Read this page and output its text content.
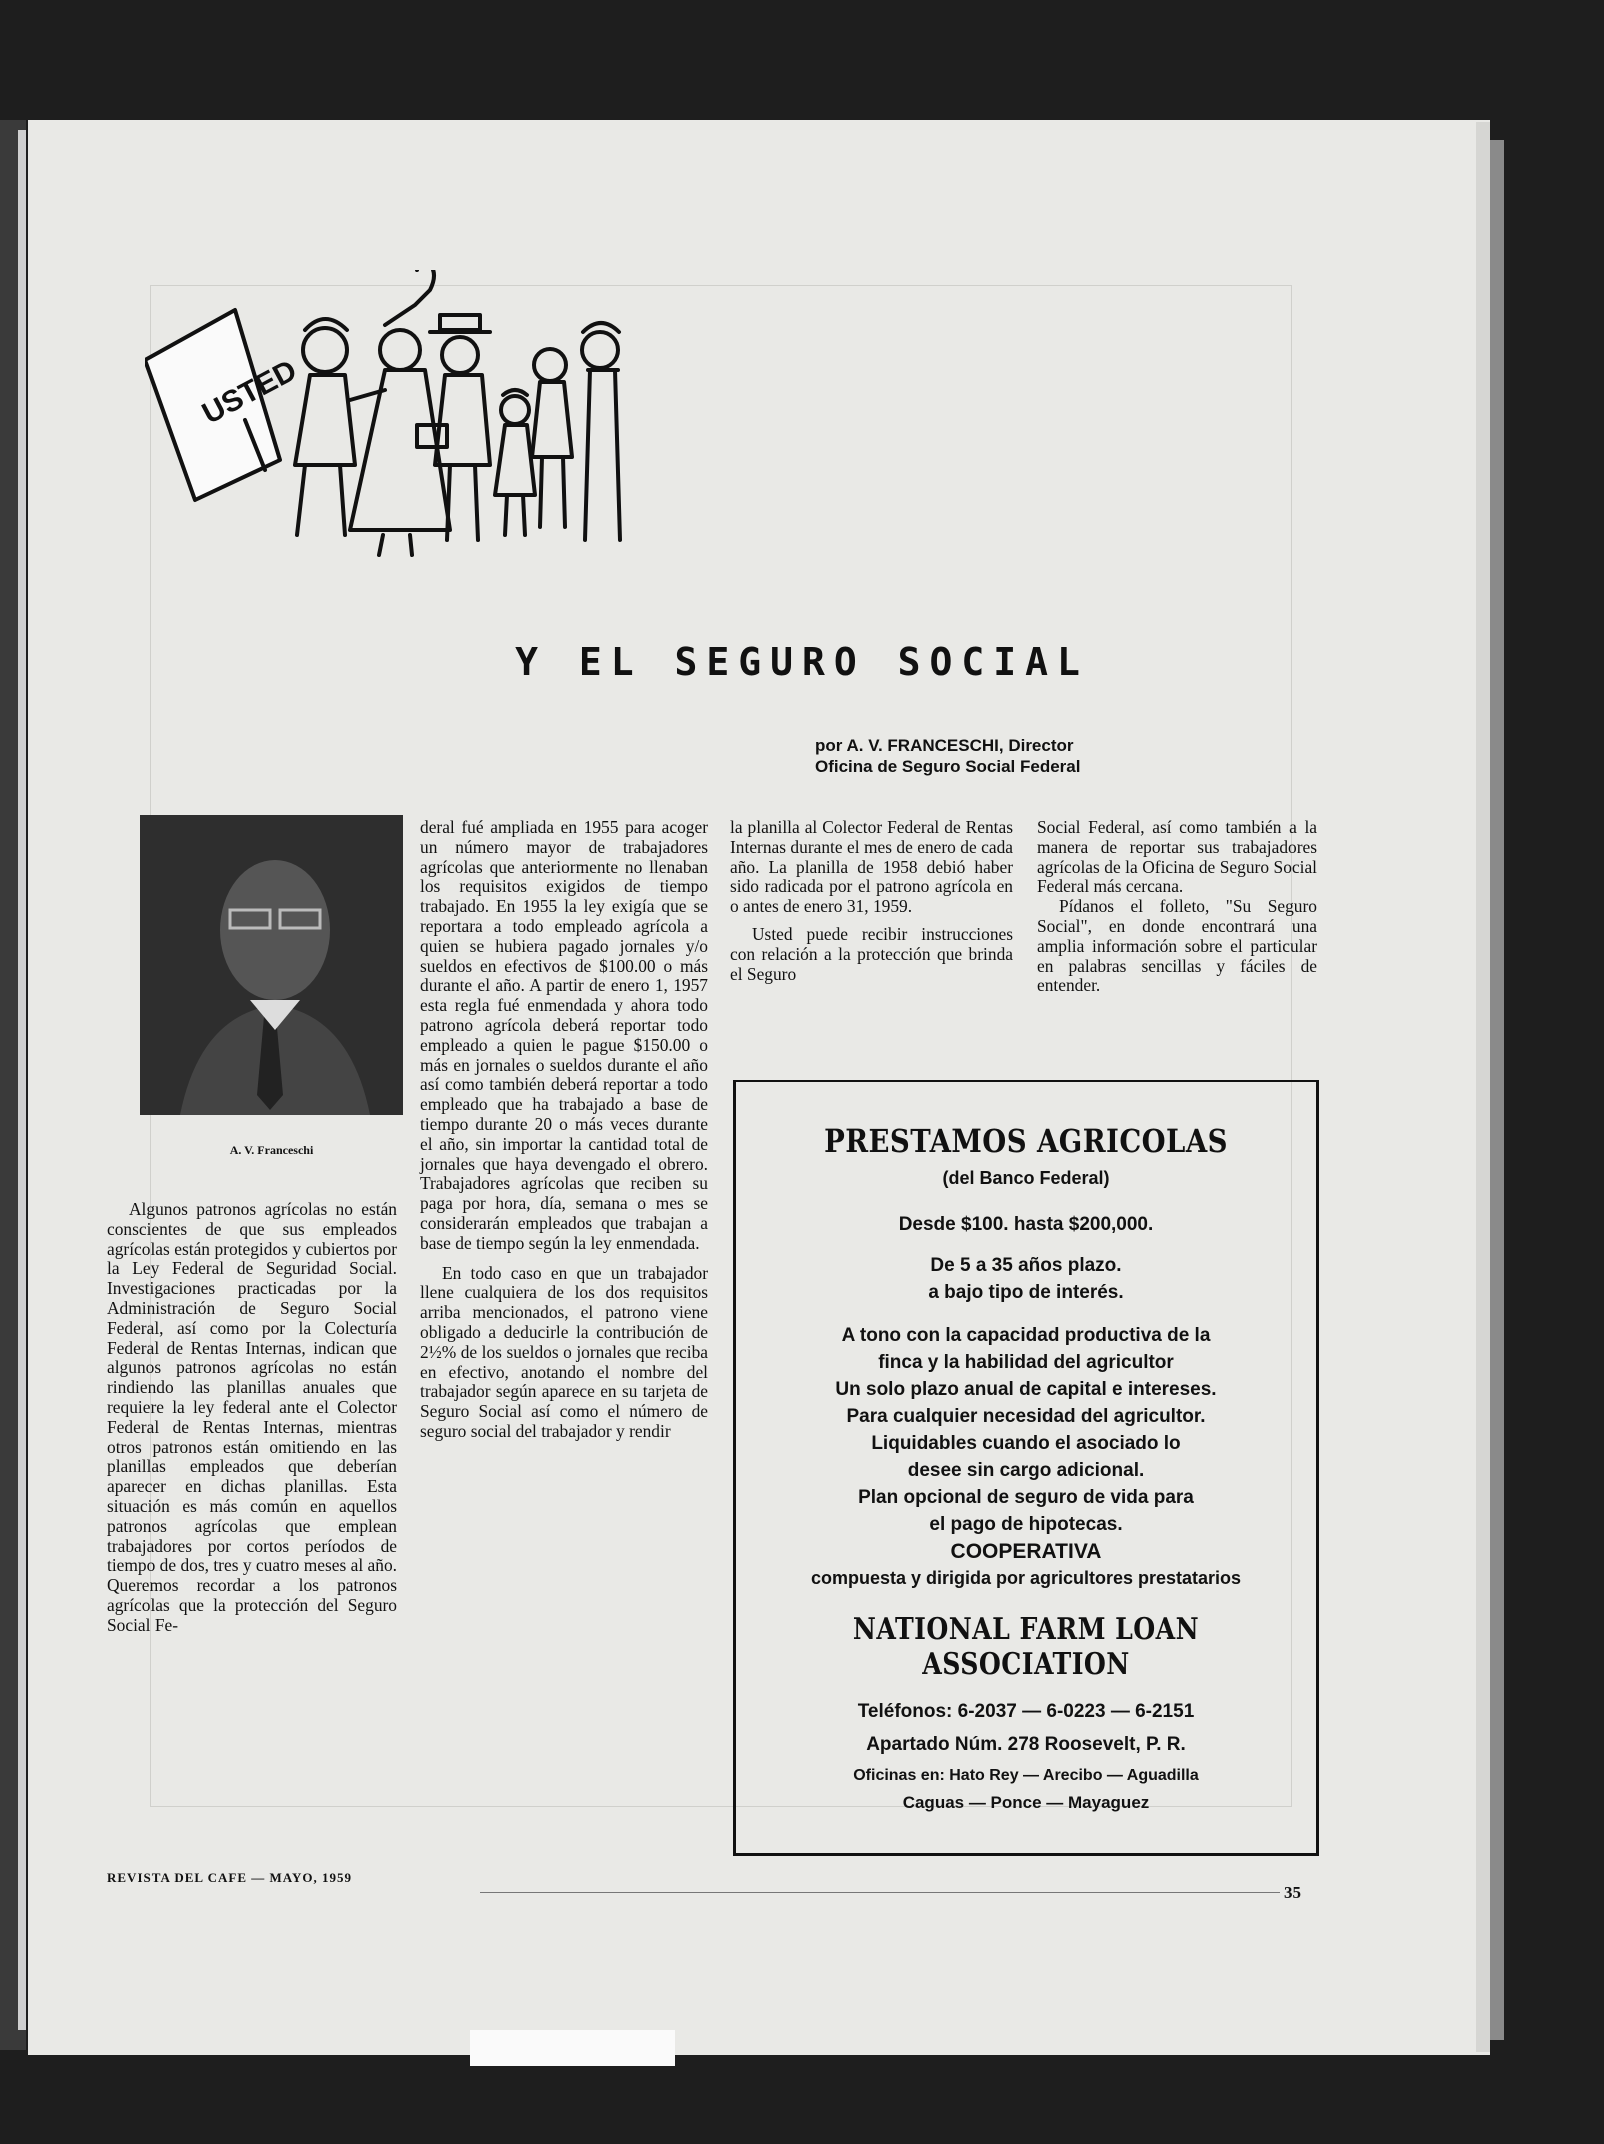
USTED
Y EL SEGURO SOCIAL
por A. V. FRANCESCHI, Director
Oficina de Seguro Social Federal
A. V. Franceschi

Algunos patronos agrícolas no están conscientes de que sus empleados agrícolas están protegidos y cubiertos por la Ley Federal de Seguridad Social. Investigaciones practicadas por la Administración de Seguro Social Federal, así como por la Colecturía Federal de Rentas Internas, indican que algunos patronos agrícolas no están rindiendo las planillas anuales que requiere la ley federal ante el Colector Federal de Rentas Internas, mientras otros patronos están omitiendo en las planillas empleados que deberían aparecer en dichas planillas. Esta situación es más común en aquellos patronos agrícolas que emplean trabajadores por cortos períodos de tiempo de dos, tres y cuatro meses al año. Queremos recordar a los patronos agrícolas que la protección del Seguro Social Fe-

deral fué ampliada en 1955 para acoger un número mayor de trabajadores agrícolas que anteriormente no llenaban los requisitos exigidos de tiempo trabajado. En 1955 la ley exigía que se reportara a todo empleado agrícola a quien se hubiera pagado jornales y/o sueldos en efectivos de $100.00 o más durante el año. A partir de enero 1, 1957 esta regla fué enmendada y ahora todo patrono agrícola deberá reportar todo empleado a quien le pague $150.00 o más en jornales o sueldos durante el año así como también deberá reportar a todo empleado que ha trabajado a base de tiempo durante 20 o más veces durante el año, sin importar la cantidad total de jornales que haya devengado el obrero. Trabajadores agrícolas que reciben su paga por hora, día, semana o mes se considerarán empleados que trabajan a base de tiempo según la ley enmendada.

En todo caso en que un trabajador llene cualquiera de los dos requisitos arriba mencionados, el patrono viene obligado a deducirle la contribución de 2½% de los sueldos o jornales que reciba en efectivo, anotando el nombre del trabajador según aparece en su tarjeta de Seguro Social así como el número de seguro social del trabajador y rendir

la planilla al Colector Federal de Rentas Internas durante el mes de enero de cada año. La planilla de 1958 debió haber sido radicada por el patrono agrícola en o antes de enero 31, 1959.

Usted puede recibir instrucciones con relación a la protección que brinda el Seguro

Social Federal, así como también a la manera de reportar sus trabajadores agrícolas de la Oficina de Seguro Social Federal más cercana.

Pídanos el folleto, "Su Seguro Social", en donde encontrará una amplia información sobre el particular en palabras sencillas y fáciles de entender.

PRESTAMOS AGRICOLAS
(del Banco Federal)
Desde $100. hasta $200,000.
De 5 a 35 años plazo.
a bajo tipo de interés.
A tono con la capacidad productiva de la
finca y la habilidad del agricultor
Un solo plazo anual de capital e intereses.
Para cualquier necesidad del agricultor.
Liquidables cuando el asociado lo
desee sin cargo adicional.
Plan opcional de seguro de vida para
el pago de hipotecas.
COOPERATIVA
compuesta y dirigida por agricultores prestatarios
NATIONAL FARM LOAN ASSOCIATION
Teléfonos: 6-2037 — 6-0223 — 6-2151
Apartado Núm. 278 Roosevelt, P. R.
Oficinas en: Hato Rey — Arecibo — Aguadilla
Caguas — Ponce — Mayaguez
REVISTA DEL CAFE — MAYO, 1959
35
